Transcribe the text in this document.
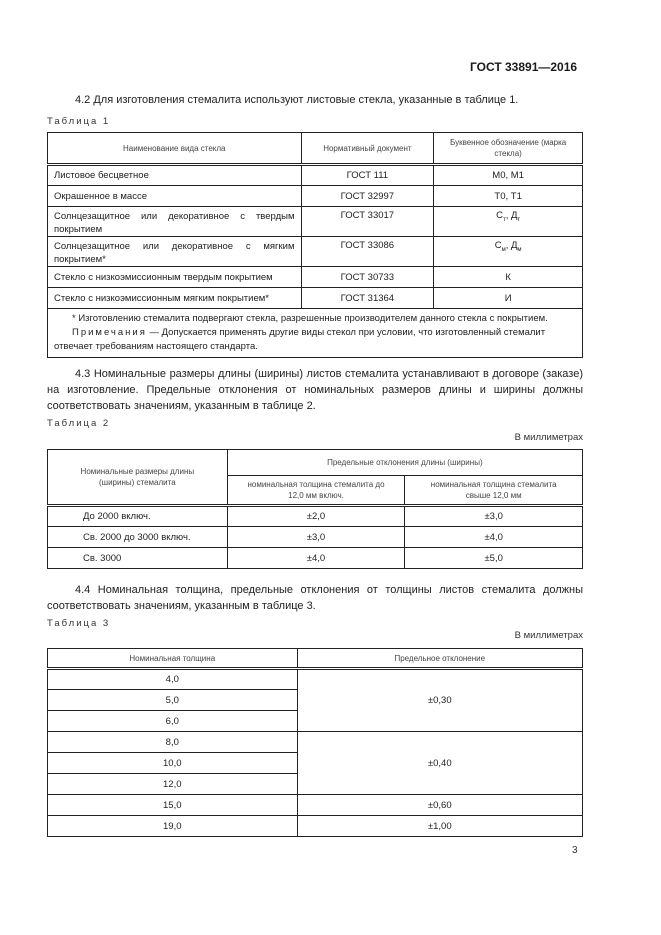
ГОСТ 33891—2016
4.2 Для изготовления стемалита используют листовые стекла, указанные в таблице 1.
Таблица 1
Наименование вида стекла	Нормативный документ	Буквенное обозначение (марка стекла)
Листовое бесцветное	ГОСТ 111	М0, М1
Окрашенное в массе	ГОСТ 32997	Т0, Т1
Солнцезащитное или декоративное с твердым покрытием	ГОСТ 33017	$С_т$, $Д_т$
Солнцезащитное или декоративное с мягким покрытием*	ГОСТ 33086	$С_м$, $Д_м$
Стекло с низкоэмиссионным твердым покрытием	ГОСТ 30733	К
Стекло с низкоэмиссионным мягким покрытием*	ГОСТ 31364	И

* Изготовлению стемалита подвергают стекла, разрешенные производителем данного стекла с покрытием.
Примечания — Допускается применять другие виды стекол при условии, что изготовленный стемалит отвечает требованиям настоящего стандарта.		
4.3 Номинальные размеры длины (ширины) листов стемалита устанавливают в договоре (заказе) на изготовление. Предельные отклонения от номинальных размеров длины и ширины должны соответствовать значениям, указанным в таблице 2.
Таблица 2
В миллиметрах
Номинальные размеры длины (ширины) стемалита	Предельные отклонения длины (ширины)	
	номинальная толщина стемалита до 12,0 мм включ.	номинальная толщина стемалита свыше 12,0 мм
До 2000 включ.	±2,0	±3,0
Св. 2000 до 3000 включ.	±3,0	±4,0
Св. 3000	±4,0	±5,0
4.4 Номинальная толщина, предельные отклонения от толщины листов стемалита должны соответствовать значениям, указанным в таблице 3.
Таблица 3
В миллиметрах
Номинальная толщина	Предельное отклонение
4,0	±0,30
5,0	
6,0	
8,0	±0,40
10,0	
12,0	
15,0	±0,60
19,0	±1,00
3
